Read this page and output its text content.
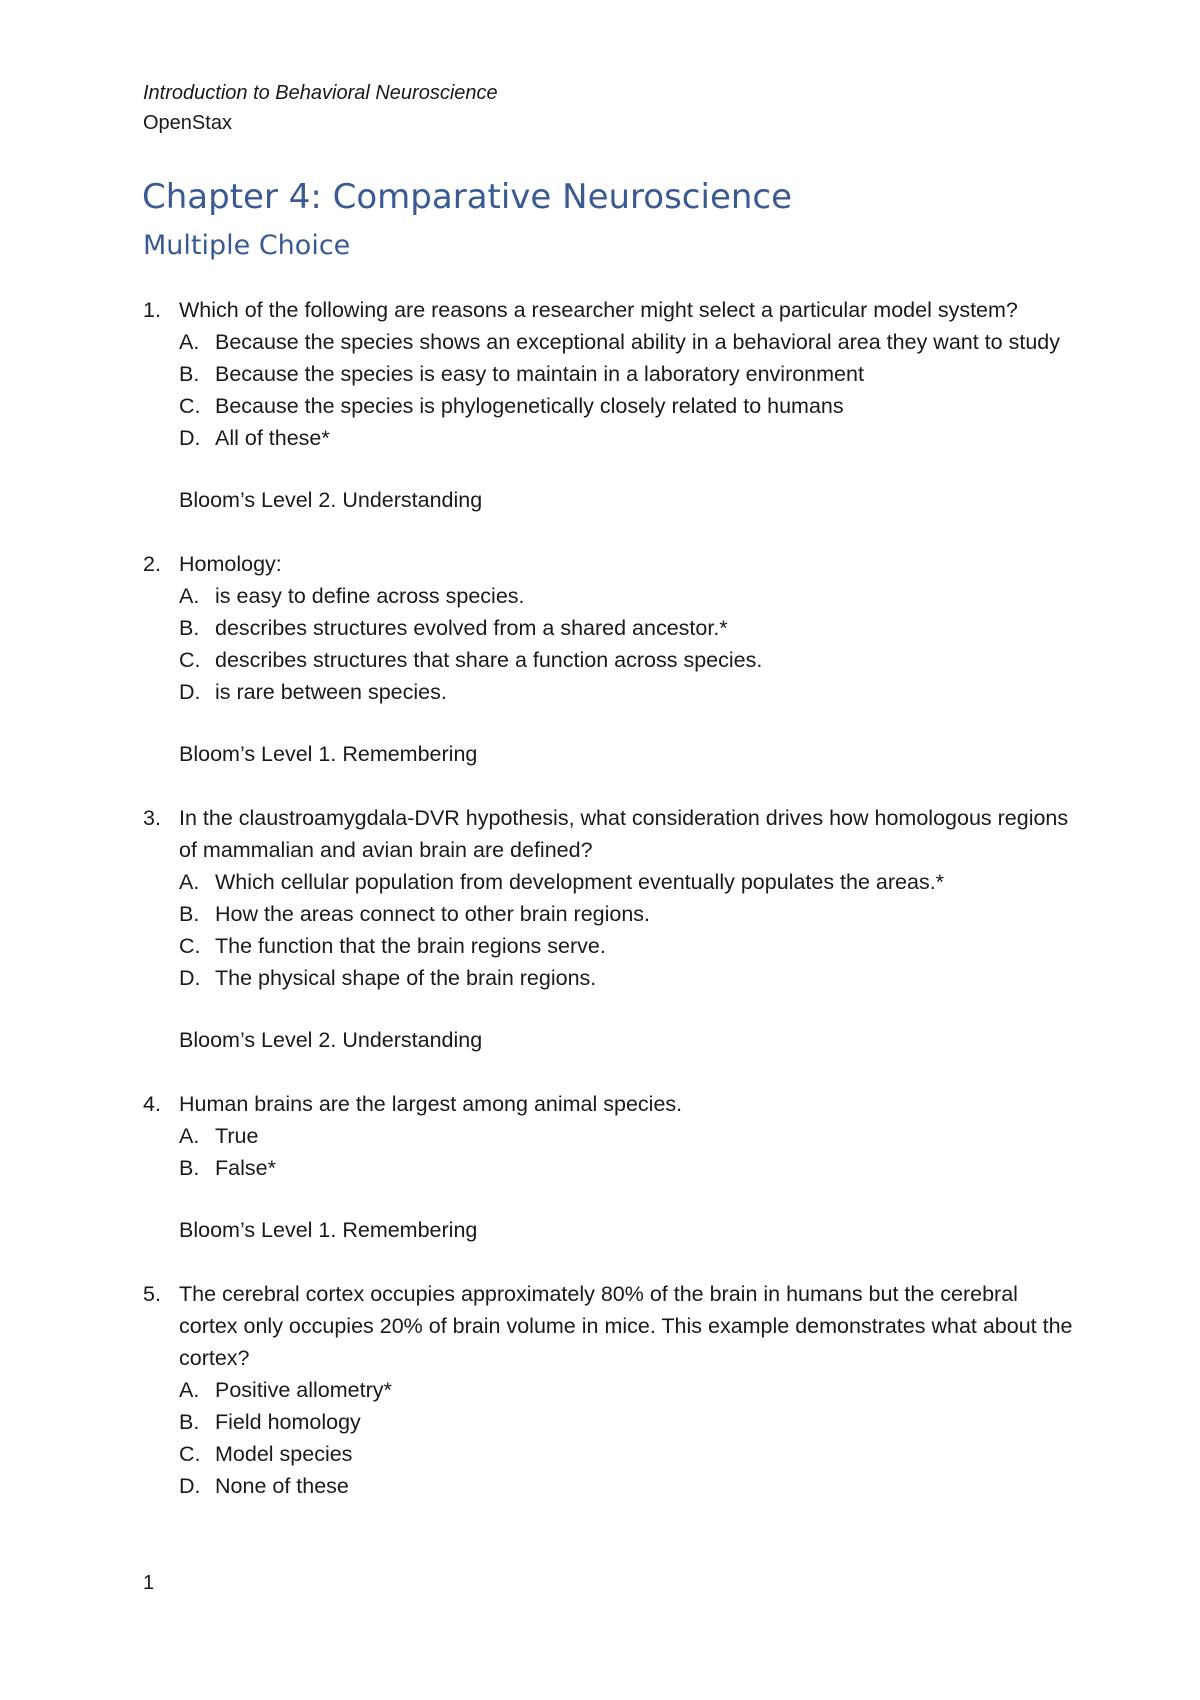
Introduction to Behavioral Neuroscience
OpenStax
Chapter 4: Comparative Neuroscience
Multiple Choice
1. Which of the following are reasons a researcher might select a particular model system?
A. Because the species shows an exceptional ability in a behavioral area they want to study
B. Because the species is easy to maintain in a laboratory environment
C. Because the species is phylogenetically closely related to humans
D. All of these*
Bloom’s Level 2. Understanding
2. Homology:
A. is easy to define across species.
B. describes structures evolved from a shared ancestor.*
C. describes structures that share a function across species.
D. is rare between species.
Bloom’s Level 1. Remembering
3. In the claustroamygdala-DVR hypothesis, what consideration drives how homologous regions of mammalian and avian brain are defined?
A. Which cellular population from development eventually populates the areas.*
B. How the areas connect to other brain regions.
C. The function that the brain regions serve.
D. The physical shape of the brain regions.
Bloom’s Level 2. Understanding
4. Human brains are the largest among animal species.
A. True
B. False*
Bloom’s Level 1. Remembering
5. The cerebral cortex occupies approximately 80% of the brain in humans but the cerebral cortex only occupies 20% of brain volume in mice. This example demonstrates what about the cortex?
A. Positive allometry*
B. Field homology
C. Model species
D. None of these
1
